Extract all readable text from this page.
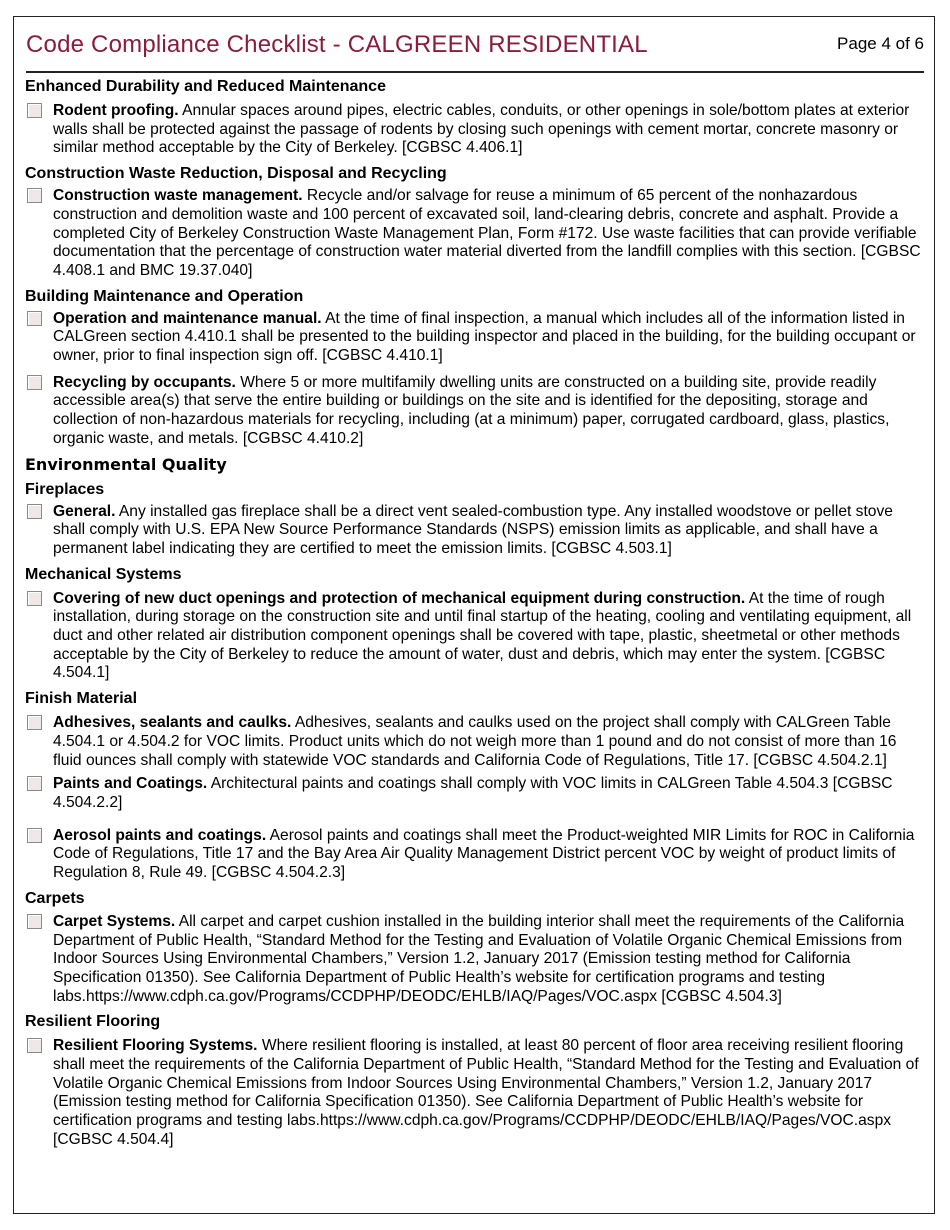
Code Compliance Checklist - CALGREEN RESIDENTIAL	Page 4 of 6
Enhanced Durability and Reduced Maintenance
Rodent proofing. Annular spaces around pipes, electric cables, conduits, or other openings in sole/bottom plates at exterior walls shall be protected against the passage of rodents by closing such openings with cement mortar, concrete masonry or similar method acceptable by the City of Berkeley. [CGBSC 4.406.1]
Construction Waste Reduction, Disposal and Recycling
Construction waste management. Recycle and/or salvage for reuse a minimum of 65 percent of the nonhazardous construction and demolition waste and 100 percent of excavated soil, land-clearing debris, concrete and asphalt. Provide a completed City of Berkeley Construction Waste Management Plan, Form #172. Use waste facilities that can provide verifiable documentation that the percentage of construction water material diverted from the landfill complies with this section. [CGBSC 4.408.1 and BMC 19.37.040]
Building Maintenance and Operation
Operation and maintenance manual. At the time of final inspection, a manual which includes all of the information listed in CALGreen section 4.410.1 shall be presented to the building inspector and placed in the building, for the building occupant or owner, prior to final inspection sign off. [CGBSC 4.410.1]
Recycling by occupants. Where 5 or more multifamily dwelling units are constructed on a building site, provide readily accessible area(s) that serve the entire building or buildings on the site and is identified for the depositing, storage and collection of non-hazardous materials for recycling, including (at a minimum) paper, corrugated cardboard, glass, plastics, organic waste, and metals. [CGBSC 4.410.2]
Environmental Quality
Fireplaces
General. Any installed gas fireplace shall be a direct vent sealed-combustion type. Any installed woodstove or pellet stove shall comply with U.S. EPA New Source Performance Standards (NSPS) emission limits as applicable, and shall have a permanent label indicating they are certified to meet the emission limits. [CGBSC 4.503.1]
Mechanical Systems
Covering of new duct openings and protection of mechanical equipment during construction. At the time of rough installation, during storage on the construction site and until final startup of the heating, cooling and ventilating equipment, all duct and other related air distribution component openings shall be covered with tape, plastic, sheetmetal or other methods acceptable by the City of Berkeley to reduce the amount of water, dust and debris, which may enter the system. [CGBSC 4.504.1]
Finish Material
Adhesives, sealants and caulks. Adhesives, sealants and caulks used on the project shall comply with CALGreen Table 4.504.1 or 4.504.2 for VOC limits. Product units which do not weigh more than 1 pound and do not consist of more than 16 fluid ounces shall comply with statewide VOC standards and California Code of Regulations, Title 17. [CGBSC 4.504.2.1]
Paints and Coatings. Architectural paints and coatings shall comply with VOC limits in CALGreen Table 4.504.3 [CGBSC 4.504.2.2]
Aerosol paints and coatings. Aerosol paints and coatings shall meet the Product-weighted MIR Limits for ROC in California Code of Regulations, Title 17 and the Bay Area Air Quality Management District percent VOC by weight of product limits of Regulation 8, Rule 49. [CGBSC 4.504.2.3]
Carpets
Carpet Systems. All carpet and carpet cushion installed in the building interior shall meet the requirements of the California Department of Public Health, “Standard Method for the Testing and Evaluation of Volatile Organic Chemical Emissions from Indoor Sources Using Environmental Chambers,” Version 1.2, January 2017 (Emission testing method for California Specification 01350). See California Department of Public Health’s website for certification programs and testing labs.https://www.cdph.ca.gov/Programs/CCDPHP/DEODC/EHLB/IAQ/Pages/VOC.aspx [CGBSC 4.504.3]
Resilient Flooring
Resilient Flooring Systems. Where resilient flooring is installed, at least 80 percent of floor area receiving resilient flooring shall meet the requirements of the California Department of Public Health, “Standard Method for the Testing and Evaluation of Volatile Organic Chemical Emissions from Indoor Sources Using Environmental Chambers,” Version 1.2, January 2017 (Emission testing method for California Specification 01350). See California Department of Public Health’s website for certification programs and testing labs.https://www.cdph.ca.gov/Programs/CCDPHP/DEODC/EHLB/IAQ/Pages/VOC.aspx [CGBSC 4.504.4]
